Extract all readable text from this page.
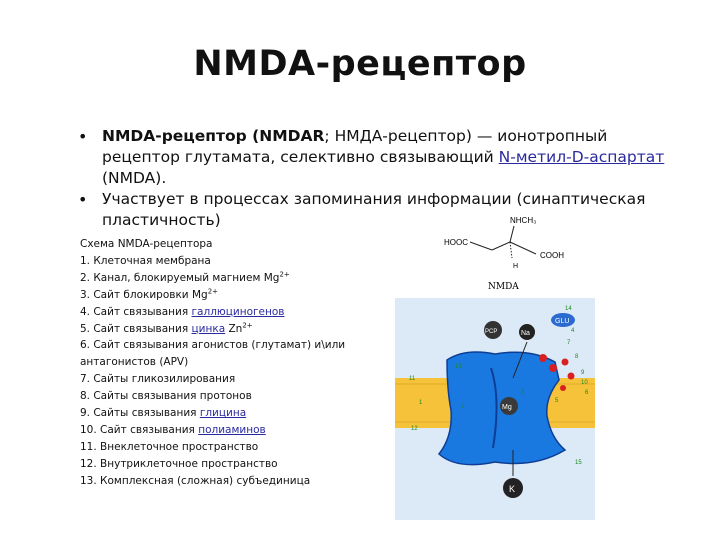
NMDA-рецептор
• NMDA-рецептор (NMDAR; НМДА-рецептор) — ионотропный рецептор глутамата, селективно связывающий N-метил-D-аспартат (NMDA).
• Участвует в процессах запоминания информации (синаптическая пластичность)
Схема NMDA-рецептора
1. Клеточная мембрана
2. Канал, блокируемый магнием $Mg^{2+}$
3. Сайт блокировки $Mg^{2+}$
4. Сайт связывания галлюциногенов
5. Сайт связывания цинка $Zn^{2+}$
6. Сайт связывания агонистов (глутамат) и\или антагонистов (APV)
7. Сайты гликозилирования
8. Сайты связывания протонов
9. Сайты связывания глицина
10. Сайт связывания полиаминов
11. Внеклеточное пространство
12. Внутриклеточное пространство
13. Комплексная (сложная) субъединица
NHCH₃
HOOC
COOH
H
NMDA
PCP	Na
GLU
Mg
K
14
4
8
9
10
11
12
15
13
3
2
1	5
6
7
